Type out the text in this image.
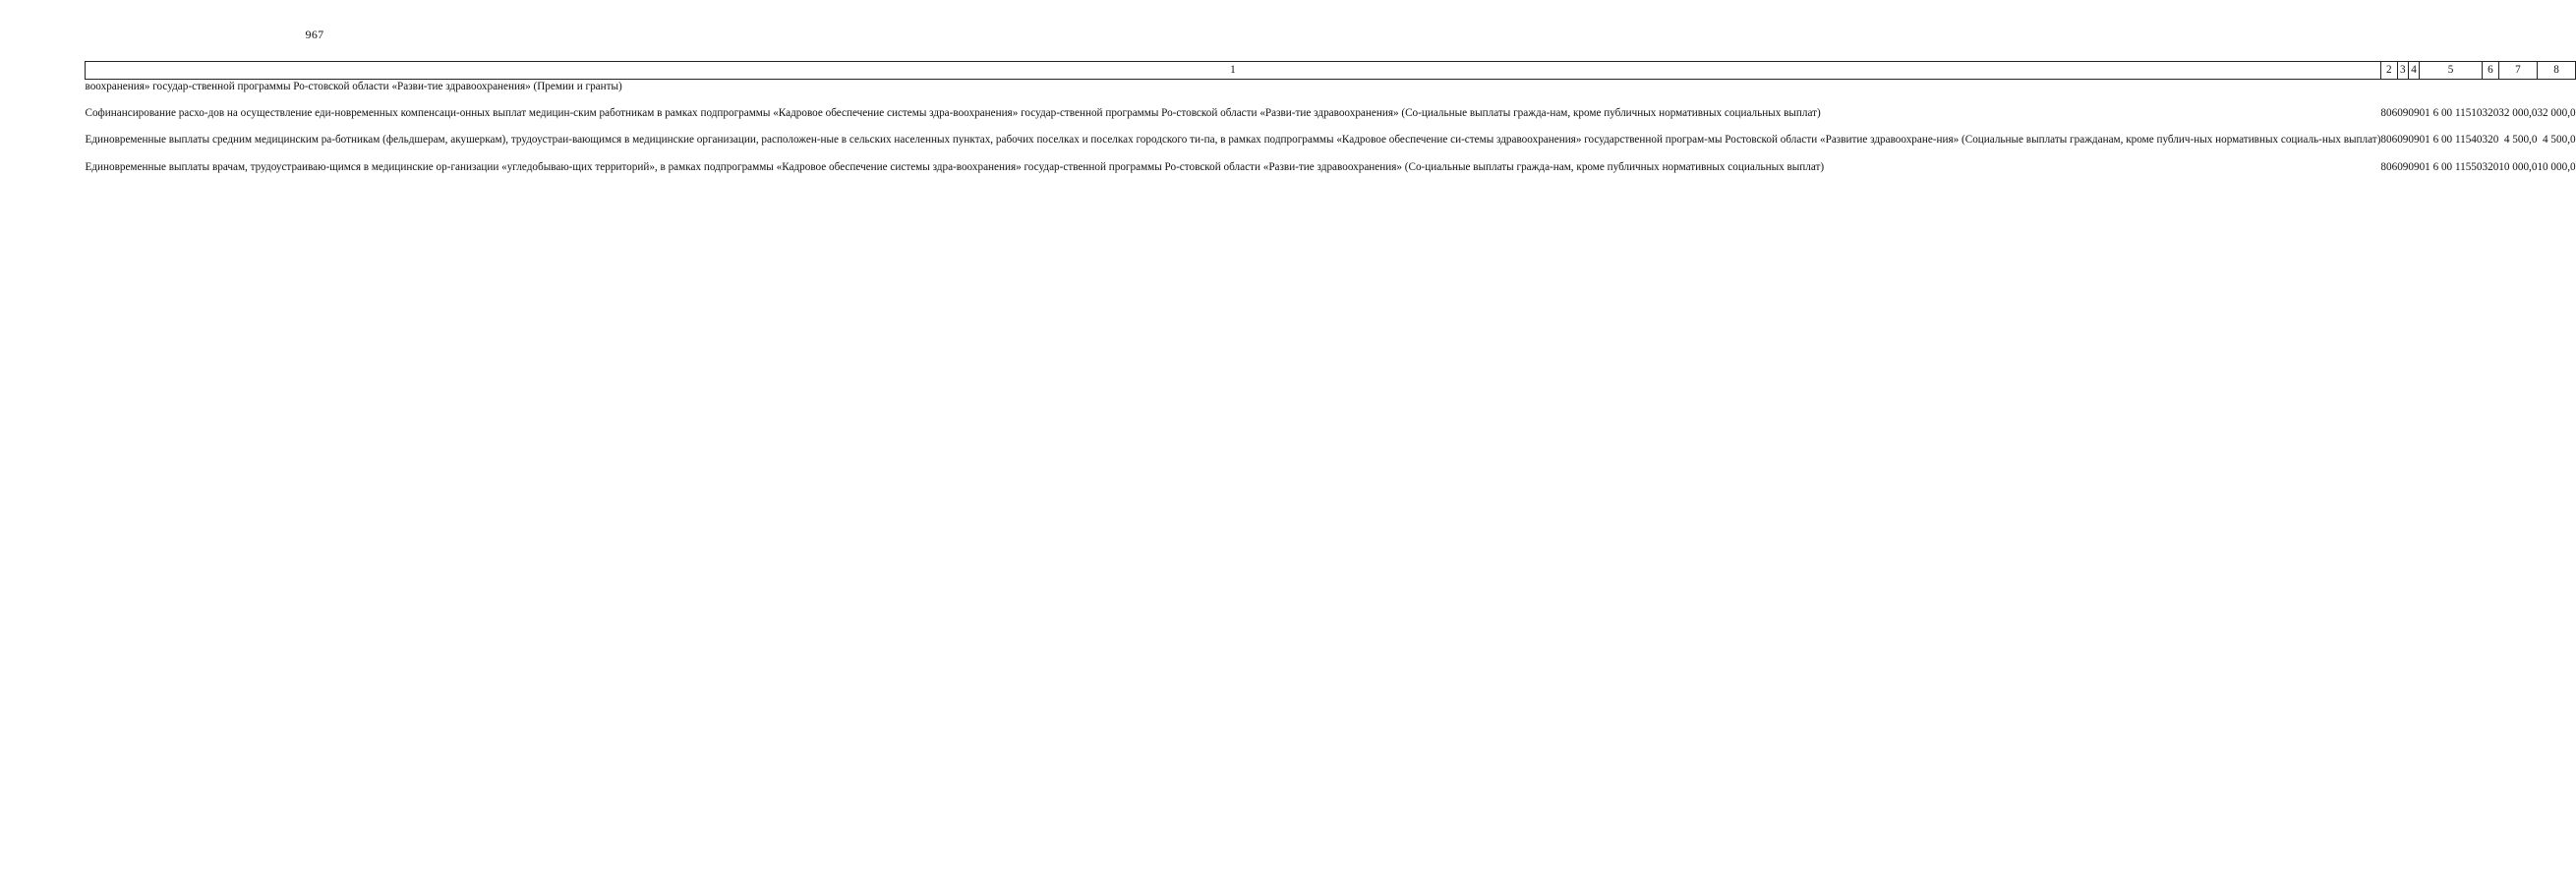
967
1	2	3	4	5	6	7	8
воохранения» государ-ственной программы Ро-стовской области «Разви-тие здравоохранения» (Премии и гранты)							
Софинансирование расхо-дов на осуществление еди-новременных компенсаци-онных выплат медицин-ским работникам в рамках подпрограммы «Кадровое обеспечение системы здра-воохранения» государ-ственной программы Ро-стовской области «Разви-тие здравоохранения» (Со-циальные выплаты гражда-нам, кроме публичных нормативных социальных выплат)	806	09	09	01 6 00 11510	320	32 000,0	32 000,0
Единовременные выплаты средним медицинским ра-ботникам (фельдшерам, акушеркам), трудоустраи-вающимся в медицинские организации, расположен-ные в сельских населенных пунктах, рабочих поселках и поселках городского ти-па, в рамках подпрограммы «Кадровое обеспечение си-стемы здравоохранения» государственной програм-мы Ростовской области «Развитие здравоохране-ния» (Социальные выплаты гражданам, кроме публич-ных нормативных социаль-ных выплат)	806	09	09	01 6 00 11540	320	4 500,0	4 500,0
Единовременные выплаты врачам, трудоустраиваю-щимся в медицинские ор-ганизации «угледобываю-щих территорий», в рамках подпрограммы «Кадровое обеспечение системы здра-воохранения» государ-ственной программы Ро-стовской области «Разви-тие здравоохранения» (Со-циальные выплаты гражда-нам, кроме публичных нормативных социальных выплат)	806	09	09	01 6 00 11550	320	10 000,0	10 000,0
